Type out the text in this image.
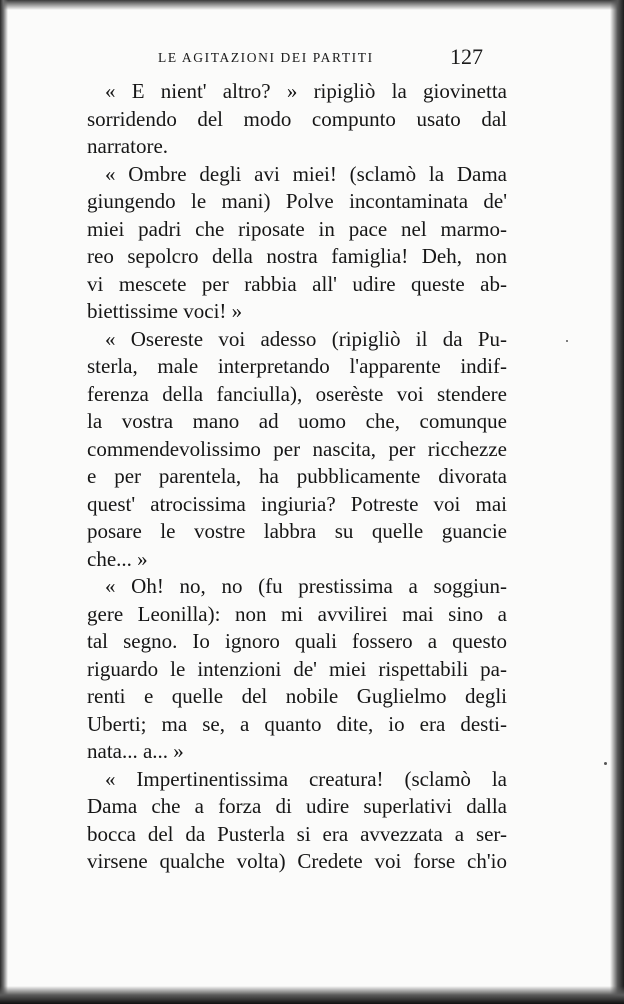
LE AGITAZIONI DEI PARTITI	127
« E nient' altro? » ripigliò la giovinetta
sorridendo del modo compunto usato dal
narratore.
« Ombre degli avi miei! (sclamò la Dama
giungendo le mani) Polve incontaminata de'
miei padri che riposate in pace nel marmo-
reo sepolcro della nostra famiglia! Deh, non
vi mescete per rabbia all' udire queste ab-
biettissime voci! »
« Osereste voi adesso (ripigliò il da Pu-
sterla, male interpretando l'apparente indif-
ferenza della fanciulla), oserèste voi stendere
la vostra mano ad uomo che, comunque
commendevolissimo per nascita, per ricchezze
e per parentela, ha pubblicamente divorata
quest' atrocissima ingiuria? Potreste voi mai
posare le vostre labbra su quelle guancie
che... »
« Oh! no, no (fu prestissima a soggiun-
gere Leonilla): non mi avvilirei mai sino a
tal segno. Io ignoro quali fossero a questo
riguardo le intenzioni de' miei rispettabili pa-
renti e quelle del nobile Guglielmo degli
Uberti; ma se, a quanto dite, io era desti-
nata... a... »
« Impertinentissima creatura! (sclamò la
Dama che a forza di udire superlativi dalla
bocca del da Pusterla si era avvezzata a ser-
virsene qualche volta) Credete voi forse ch'io
